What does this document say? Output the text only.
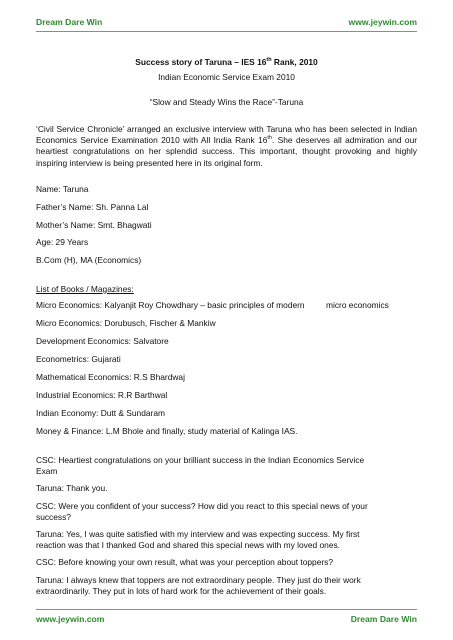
Dream Dare Win	www.jeywin.com
Success story of Taruna – IES 16th Rank, 2010
Indian Economic Service Exam 2010
“Slow and Steady Wins the Race”-Taruna
‘Civil Service Chronicle’ arranged an exclusive interview with Taruna who has been selected in Indian Economics Service Examination 2010 with All India Rank 16th. She deserves all admiration and our heartiest congratulations on her splendid success. This important, thought provoking and highly inspiring interview is being presented here in its original form.
Name: Taruna
Father’s Name: Sh. Panna Lal
Mother’s Name: Smt. Bhagwati
Age: 29 Years
B.Com (H), MA (Economics)
List of Books / Magazines:
Micro Economics: Kalyanjit Roy Chowdhary – basic principles of modern	micro economics
Micro Economics: Dorubusch, Fischer & Mankiw
Development Economics: Salvatore
Econometrics: Gujarati
Mathematical Economics: R.S Bhardwaj
Industrial Economics: R.R Barthwal
Indian Economy: Dutt & Sundaram
Money & Finance: L.M Bhole and finally, study material of Kalinga IAS.
CSC: Heartiest congratulations on your brilliant success in the Indian Economics Service
Exam
Taruna: Thank you.
CSC: Were you confident of your success? How did you react to this special news of your
success?
Taruna: Yes, I was quite satisfied with my interview and was expecting success. My first
reaction was that I thanked God and shared this special news with my loved ones.
CSC: Before knowing your own result, what was your perception about toppers?
Taruna: I always knew that toppers are not extraordinary people. They just do their work
extraordinarily. They put in lots of hard work for the achievement of their goals.
www.jeywin.com	Dream Dare Win
